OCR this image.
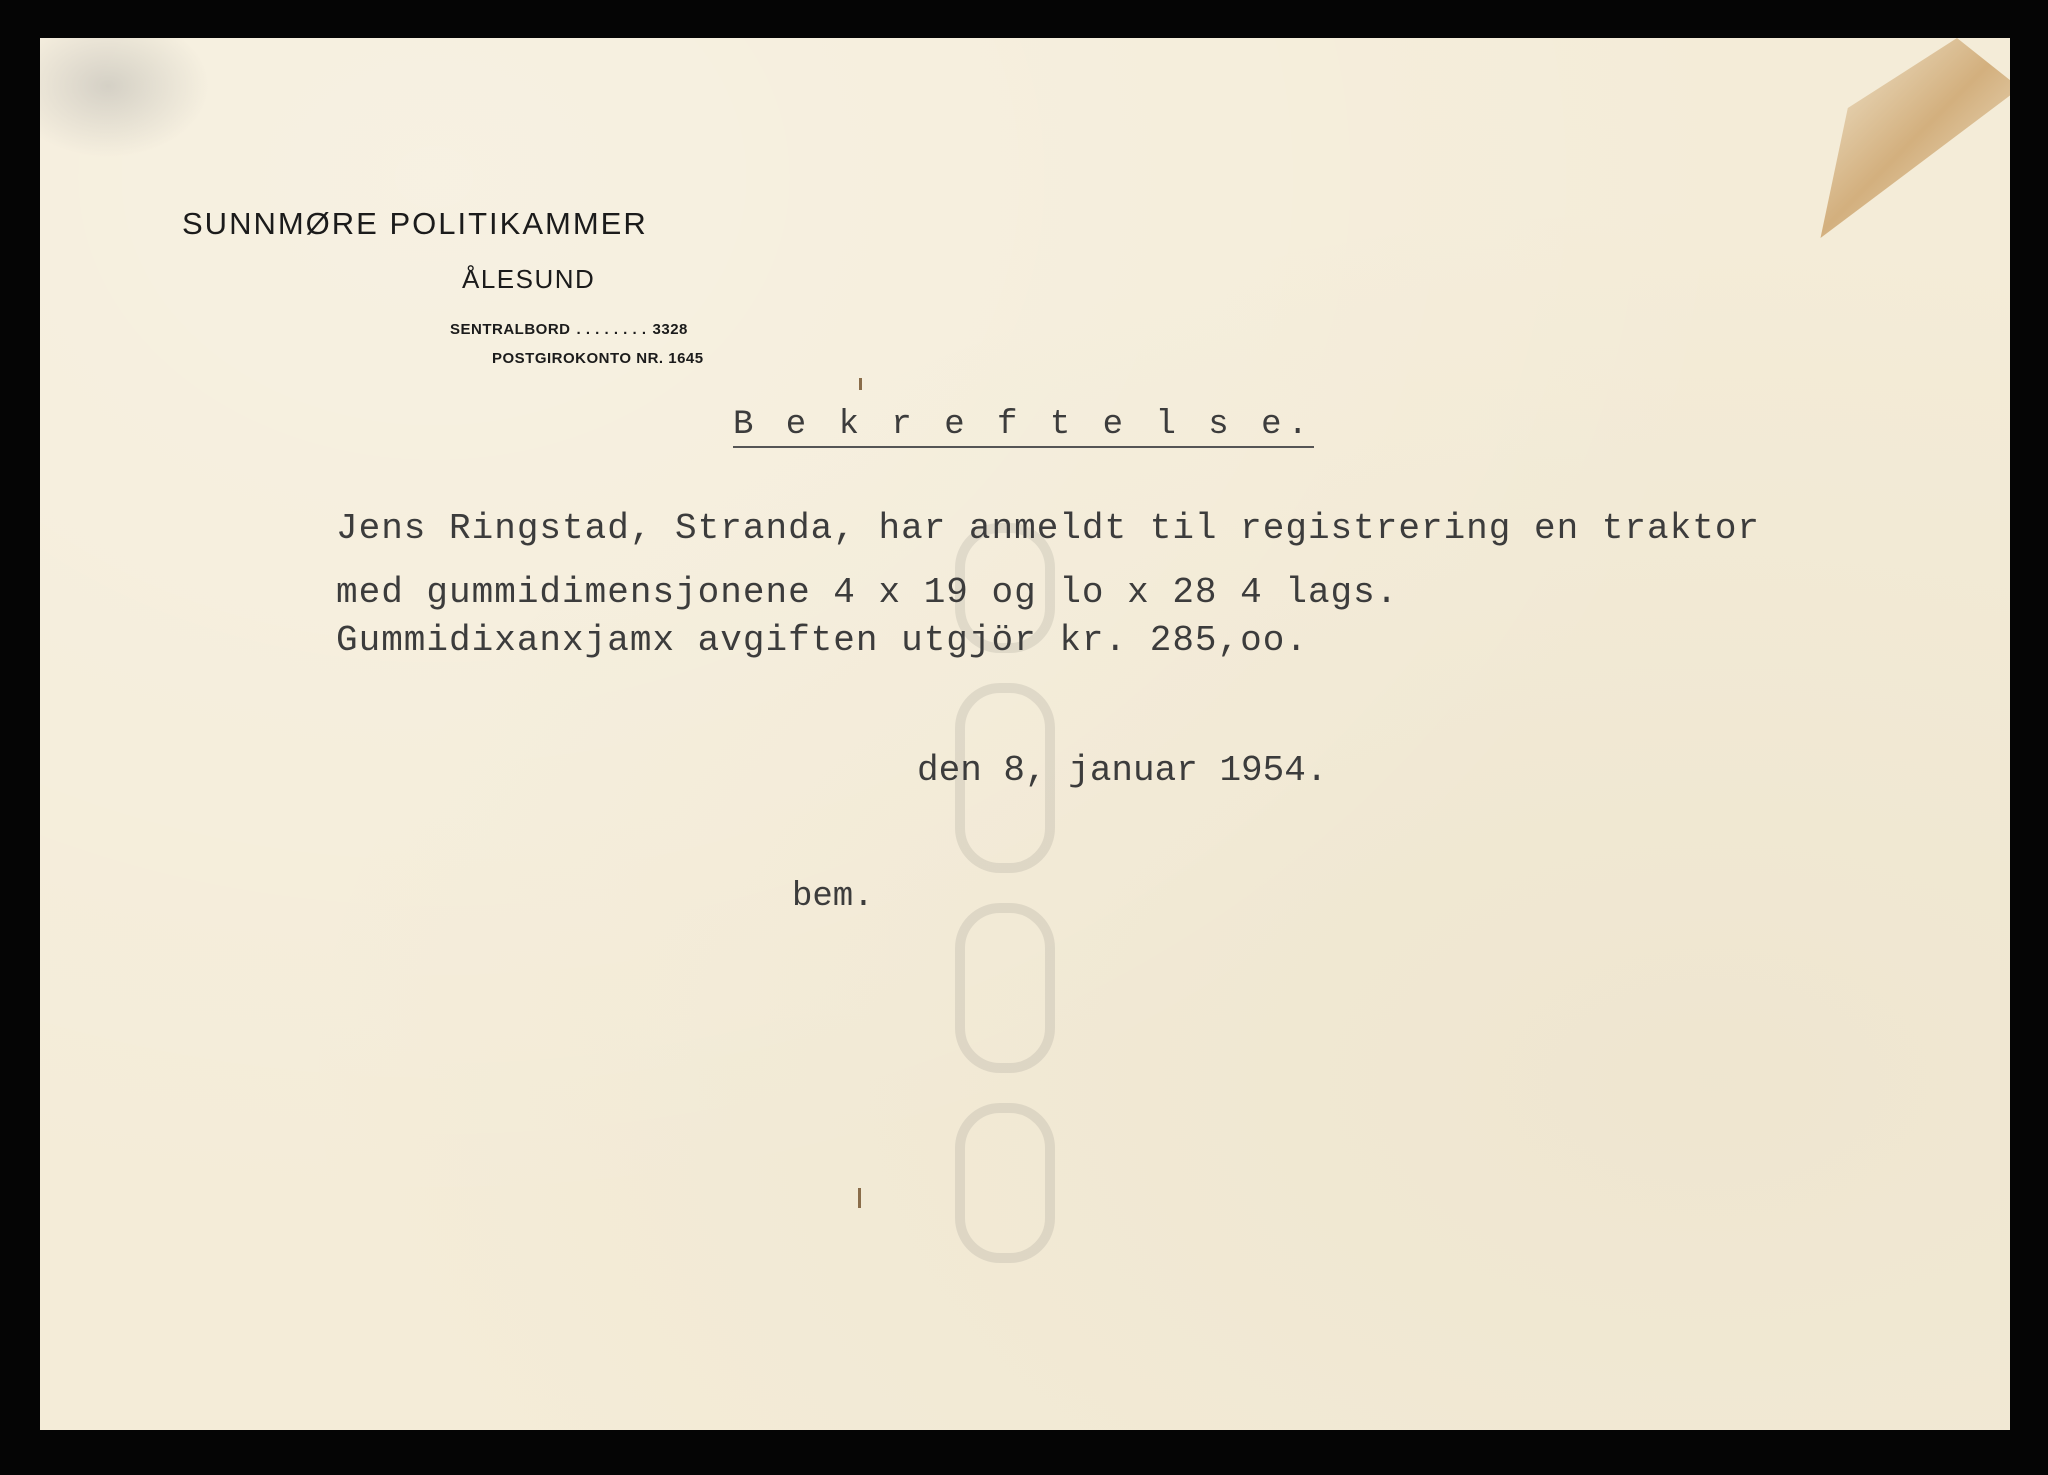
SUNNMØRE POLITIKAMMER
ÅLESUND
SENTRALBORD . . . . . . . . 3328
POSTGIROKONTO NR. 1645
B e k r e f t e l s e.
Jens Ringstad, Stranda, har anmeldt til registrering en traktor
med gummidimensjonene 4 x 19 og lo x 28 4 lags.
Gummidixanxjamx avgiften utgjör kr. 285,oo.
den 8, januar 1954.
bem.
